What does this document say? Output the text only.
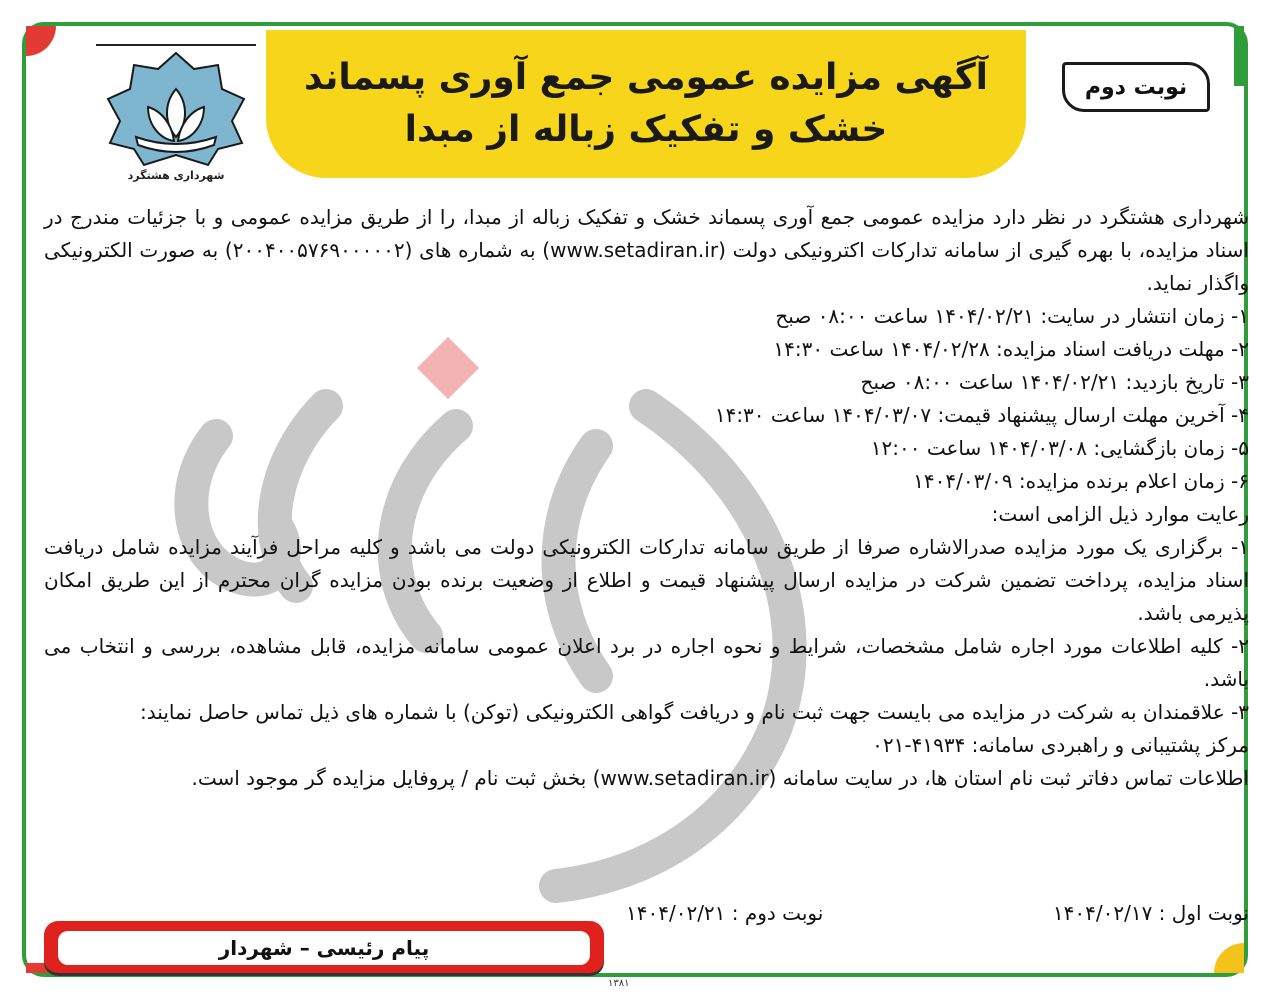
شهرداری هشتگرد
آگهی مزایده عمومی جمع آوری پسماند
خشک و تفکیک زباله از مبدا
نوبت دوم

شهرداری هشتگرد در نظر دارد مزایده عمومی جمع آوری پسماند خشک و تفکیک زباله از مبدا، را از طریق مزایده عمومی و با جزئیات مندرج در اسناد مزایده، با بهره گیری از سامانه تدارکات اکترونیکی دولت (www.setadiran.ir) به شماره های (۲۰۰۴۰۰۵۷۶۹۰۰۰۰۰۲) به صورت الکترونیکی واگذار نماید.

۱- زمان انتشار در سایت: ۱۴۰۴/۰۲/۲۱ ساعت ۰۸:۰۰ صبح

۲- مهلت دریافت اسناد مزایده: ۱۴۰۴/۰۲/۲۸ ساعت ۱۴:۳۰

۳- تاریخ بازدید: ۱۴۰۴/۰۲/۲۱ ساعت ۰۸:۰۰ صبح

۴- آخرین مهلت ارسال پیشنهاد قیمت: ۱۴۰۴/۰۳/۰۷ ساعت ۱۴:۳۰

۵- زمان بازگشایی: ۱۴۰۴/۰۳/۰۸ ساعت ۱۲:۰۰

۶- زمان اعلام برنده مزایده: ۱۴۰۴/۰۳/۰۹

رعایت موارد ذیل الزامی است:

۱- برگزاری یک مورد مزایده صدرالاشاره صرفا از طریق سامانه تدارکات الکترونیکی دولت می باشد و کلیه مراحل فرآیند مزایده شامل دریافت اسناد مزایده، پرداخت تضمین شرکت در مزایده ارسال پیشنهاد قیمت و اطلاع از وضعیت برنده بودن مزایده گران محترم از این طریق امکان پذیرمی باشد.

۲- کلیه اطلاعات مورد اجاره شامل مشخصات، شرایط و نحوه اجاره در برد اعلان عمومی سامانه مزایده، قابل مشاهده، بررسی و انتخاب می باشد.

۳- علاقمندان به شرکت در مزایده می بایست جهت ثبت نام و دریافت گواهی الکترونیکی (توکن) با شماره های ذیل تماس حاصل نمایند:

مرکز پشتیبانی و راهبردی سامانه: ۴۱۹۳۴-۰۲۱

اطلاعات تماس دفاتر ثبت نام استان ها، در سایت سامانه (www.setadiran.ir) بخش ثبت نام / پروفایل مزایده گر موجود است.

نوبت اول : ۱۴۰۴/۰۲/۱۷
نوبت دوم : ۱۴۰۴/۰۲/۲۱
پیام رئیسی – شهردار
۱۳۸۱
